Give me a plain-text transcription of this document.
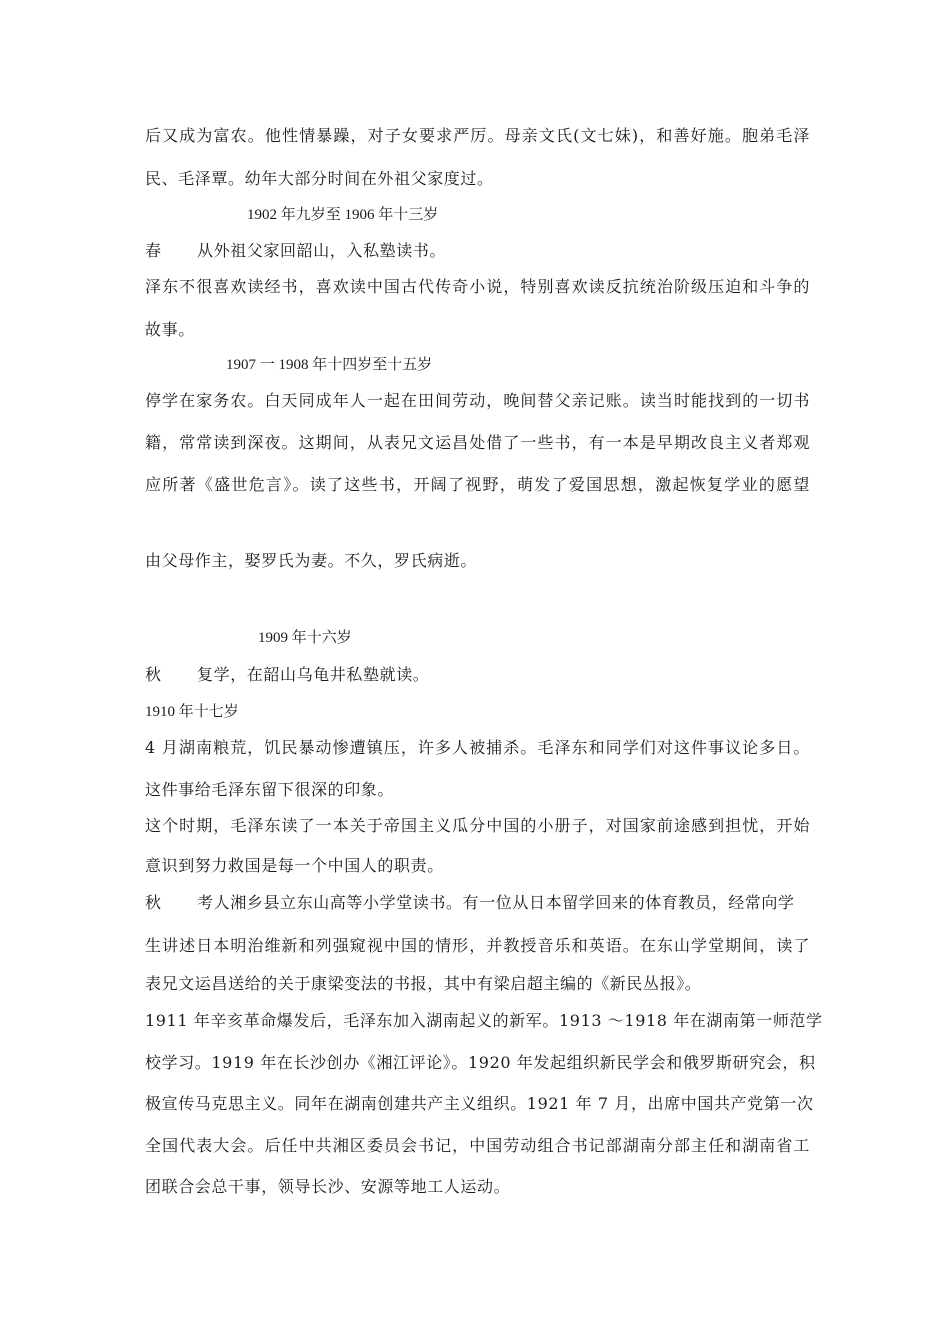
后又成为富农。他性情暴躁，对子女要求严厉。母亲文氏(文七妹)，和善好施。胞弟毛泽
民、毛泽覃。幼年大部分时间在外祖父家度过。
1902 年九岁至 1906 年十三岁
春 从外祖父家回韶山，入私塾读书。
泽东不很喜欢读经书，喜欢读中国古代传奇小说，特别喜欢读反抗统治阶级压迫和斗争的
故事。
1907 一 1908 年十四岁至十五岁
停学在家务农。白天同成年人一起在田间劳动，晚间替父亲记账。读当时能找到的一切书
籍，常常读到深夜。这期间，从表兄文运昌处借了一些书，有一本是早期改良主义者郑观
应所著《盛世危言》。读了这些书，开阔了视野，萌发了爱国思想，激起恢复学业的愿望
由父母作主，娶罗氏为妻。不久，罗氏病逝。
1909 年十六岁
秋 复学，在韶山乌龟井私塾就读。
1910 年十七岁
4 月湖南粮荒，饥民暴动惨遭镇压，许多人被捕杀。毛泽东和同学们对这件事议论多日。
这件事给毛泽东留下很深的印象。
这个时期，毛泽东读了一本关于帝国主义瓜分中国的小册子，对国家前途感到担忧，开始
意识到努力救国是每一个中国人的职责。
秋 考人湘乡县立东山高等小学堂读书。有一位从日本留学回来的体育教员，经常向学
生讲述日本明治维新和列强窥视中国的情形，并教授音乐和英语。在东山学堂期间，读了
表兄文运昌送给的关于康梁变法的书报，其中有梁启超主编的《新民丛报》。
1911 年辛亥革命爆发后，毛泽东加入湖南起义的新军。1913 ～1918 年在湖南第一师范学
校学习。1919 年在长沙创办《湘江评论》。1920 年发起组织新民学会和俄罗斯研究会，积
极宣传马克思主义。同年在湖南创建共产主义组织。1921 年 7 月，出席中国共产党第一次
全国代表大会。后任中共湘区委员会书记，中国劳动组合书记部湖南分部主任和湖南省工
团联合会总干事，领导长沙、安源等地工人运动。
